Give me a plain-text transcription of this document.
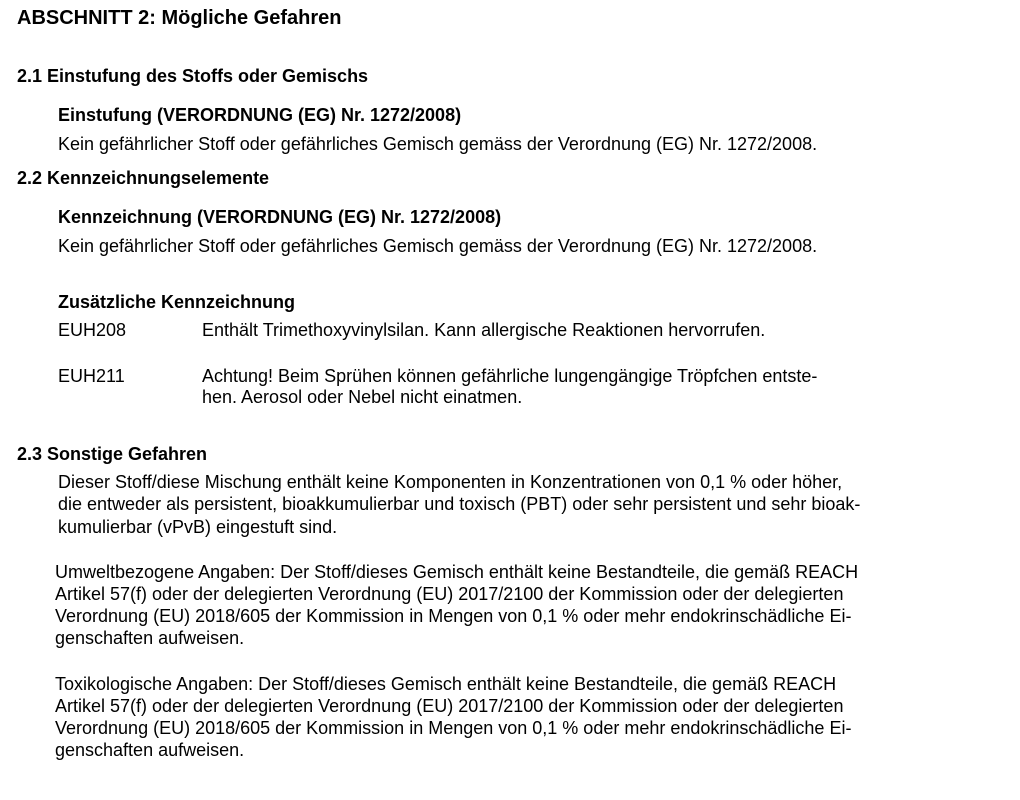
ABSCHNITT 2: Mögliche Gefahren
2.1 Einstufung des Stoffs oder Gemischs
Einstufung (VERORDNUNG (EG) Nr. 1272/2008)
Kein gefährlicher Stoff oder gefährliches Gemisch gemäss der Verordnung (EG) Nr. 1272/2008.
2.2 Kennzeichnungselemente
Kennzeichnung (VERORDNUNG (EG) Nr. 1272/2008)
Kein gefährlicher Stoff oder gefährliches Gemisch gemäss der Verordnung (EG) Nr. 1272/2008.
Zusätzliche Kennzeichnung
EUH208	Enthält Trimethoxyvinylsilan. Kann allergische Reaktionen hervorrufen.
EUH211	Achtung! Beim Sprühen können gefährliche lungengängige Tröpfchen entste-
hen. Aerosol oder Nebel nicht einatmen.
2.3 Sonstige Gefahren
Dieser Stoff/diese Mischung enthält keine Komponenten in Konzentrationen von 0,1 % oder höher,
die entweder als persistent, bioakkumulierbar und toxisch (PBT) oder sehr persistent und sehr bioak-
kumulierbar (vPvB) eingestuft sind.
Umweltbezogene Angaben: Der Stoff/dieses Gemisch enthält keine Bestandteile, die gemäß REACH
Artikel 57(f) oder der delegierten Verordnung (EU) 2017/2100 der Kommission oder der delegierten
Verordnung (EU) 2018/605 der Kommission in Mengen von 0,1 % oder mehr endokrinschädliche Ei-
genschaften aufweisen.
Toxikologische Angaben: Der Stoff/dieses Gemisch enthält keine Bestandteile, die gemäß REACH
Artikel 57(f) oder der delegierten Verordnung (EU) 2017/2100 der Kommission oder der delegierten
Verordnung (EU) 2018/605 der Kommission in Mengen von 0,1 % oder mehr endokrinschädliche Ei-
genschaften aufweisen.
